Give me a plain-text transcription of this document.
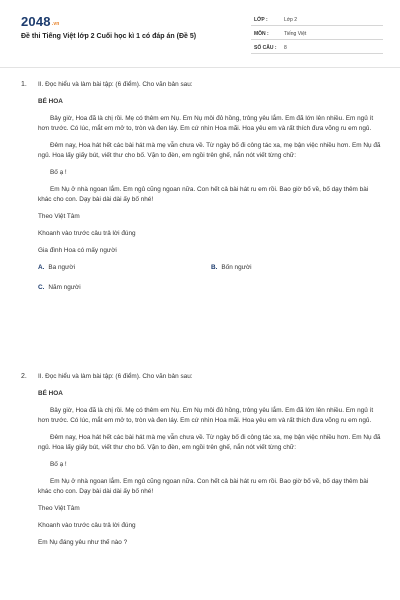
2048.vn
Đề thi Tiếng Việt lớp 2 Cuối học kì 1 có đáp án (Đề 5)
LỚP :	Lớp 2
MÔN :	Tiếng Việt
SỐ CÂU : 8
1. II. Đọc hiểu và làm bài tập: (6 điểm). Cho văn bản sau:
BÉ HOA
Bây giờ, Hoa đã là chị rồi. Mẹ có thêm em Nụ. Em Nụ môi đỏ hồng, trông yêu lắm. Em đã lớn lên nhiều. Em ngủ ít hơn trước. Có lúc, mắt em mở to, tròn và đen láy. Em cứ nhìn Hoa mãi. Hoa yêu em và rất thích đưa võng ru em ngủ.
Đêm nay, Hoa hát hết các bài hát mà mẹ vẫn chưa về. Từ ngày bố đi công tác xa, mẹ bận việc nhiều hơn. Em Nụ đã ngủ. Hoa lấy giấy bút, viết thư cho bố. Vặn to đèn, em ngồi trên ghế, nắn nót viết từng chữ:
Bố ạ !
Em Nụ ở nhà ngoan lắm. Em ngủ cũng ngoan nữa. Con hết cả bài hát ru em rồi. Bao giờ bố về, bố dạy thêm bài khác cho con. Dạy bài dài dài ấy bố nhé!
Theo Việt Tâm
Khoanh vào trước câu trả lời đúng
Gia đình Hoa có mấy người
A. Ba người	B. Bốn người
C. Năm người
2. II. Đọc hiểu và làm bài tập: (6 điểm). Cho văn bản sau:
BÉ HOA
Bây giờ, Hoa đã là chị rồi. Mẹ có thêm em Nụ. Em Nụ môi đỏ hồng, trông yêu lắm. Em đã lớn lên nhiều. Em ngủ ít hơn trước. Có lúc, mắt em mở to, tròn và đen láy. Em cứ nhìn Hoa mãi. Hoa yêu em và rất thích đưa võng ru em ngủ.
Đêm nay, Hoa hát hết các bài hát mà mẹ vẫn chưa về. Từ ngày bố đi công tác xa, mẹ bận việc nhiều hơn. Em Nụ đã ngủ. Hoa lấy giấy bút, viết thư cho bố. Vặn to đèn, em ngồi trên ghế, nắn nót viết từng chữ:
Bố ạ !
Em Nụ ở nhà ngoan lắm. Em ngủ cũng ngoan nữa. Con hết cả bài hát ru em rồi. Bao giờ bố về, bố dạy thêm bài khác cho con. Dạy bài dài dài ấy bố nhé!
Theo Việt Tâm
Khoanh vào trước câu trả lời đúng
Em Nụ đáng yêu như thế nào ?
